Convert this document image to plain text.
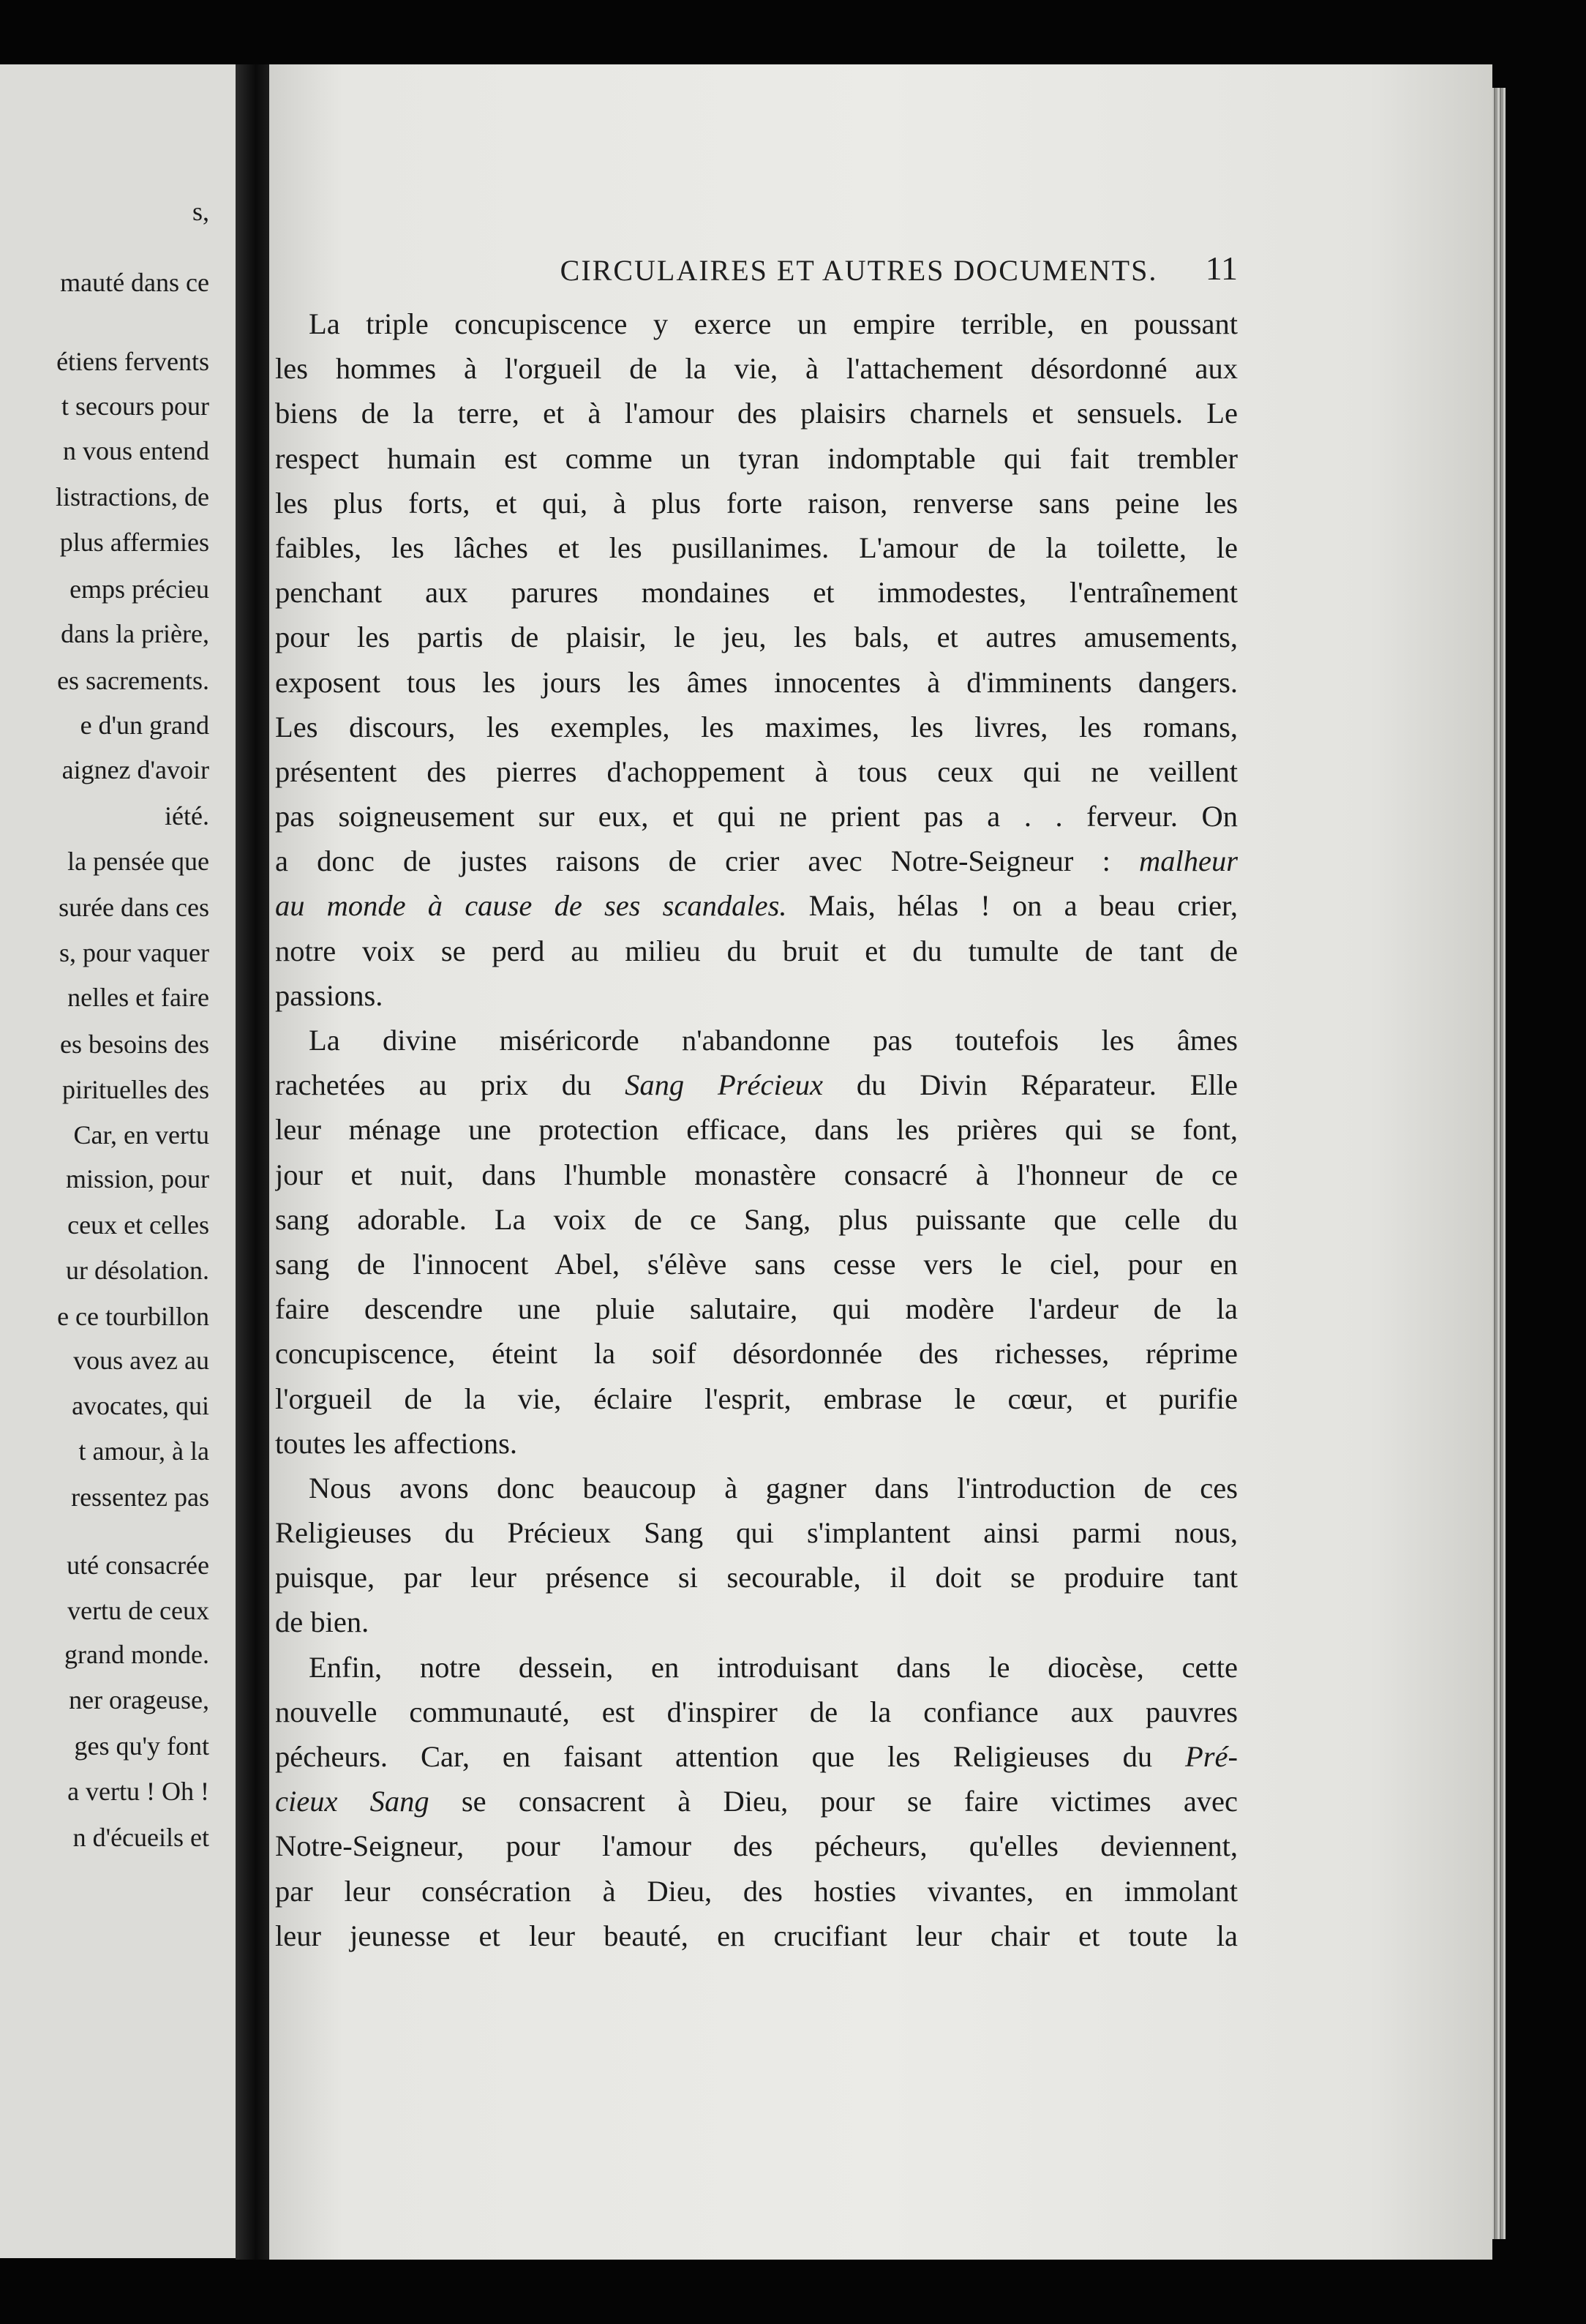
s,
mauté dans ce
étiens fervents
t secours pour
n vous entend
listractions, de
plus affermies
emps précieu
dans la prière,
es sacrements.
e d'un grand
aignez d'avoir
iété.
la pensée que
surée dans ces
s, pour vaquer
nelles et faire
es besoins des
pirituelles des
Car, en vertu
mission, pour
ceux et celles
ur désolation.
e ce tourbillon
vous avez au
avocates, qui
t amour, à la
ressentez pas
uté consacrée
vertu de ceux
grand monde.
ner orageuse,
ges qu'y font
a vertu ! Oh !
n d'écueils et
CIRCULAIRES ET AUTRES DOCUMENTS.	11
La triple concupiscence y exerce un empire terrible, en poussant
les hommes à l'orgueil de la vie, à l'attachement désordonné aux
biens de la terre, et à l'amour des plaisirs charnels et sensuels. Le
respect humain est comme un tyran indomptable qui fait trembler
les plus forts, et qui, à plus forte raison, renverse sans peine les
faibles, les lâches et les pusillanimes. L'amour de la toilette, le
penchant aux parures mondaines et immodestes, l'entraînement
pour les partis de plaisir, le jeu, les bals, et autres amusements,
exposent tous les jours les âmes innocentes à d'imminents dangers.
Les discours, les exemples, les maximes, les livres, les romans,
présentent des pierres d'achoppement à tous ceux qui ne veillent
pas soigneusement sur eux, et qui ne prient pas a . . ferveur. On
a donc de justes raisons de crier avec Notre-Seigneur : malheur
au monde à cause de ses scandales. Mais, hélas ! on a beau crier,
notre voix se perd au milieu du bruit et du tumulte de tant de
passions.
La divine miséricorde n'abandonne pas toutefois les âmes
rachetées au prix du Sang Précieux du Divin Réparateur. Elle
leur ménage une protection efficace, dans les prières qui se font,
jour et nuit, dans l'humble monastère consacré à l'honneur de ce
sang adorable. La voix de ce Sang, plus puissante que celle du
sang de l'innocent Abel, s'élève sans cesse vers le ciel, pour en
faire descendre une pluie salutaire, qui modère l'ardeur de la
concupiscence, éteint la soif désordonnée des richesses, réprime
l'orgueil de la vie, éclaire l'esprit, embrase le cœur, et purifie
toutes les affections.
Nous avons donc beaucoup à gagner dans l'introduction de ces
Religieuses du Précieux Sang qui s'implantent ainsi parmi nous,
puisque, par leur présence si secourable, il doit se produire tant
de bien.
Enfin, notre dessein, en introduisant dans le diocèse, cette
nouvelle communauté, est d'inspirer de la confiance aux pauvres
pécheurs. Car, en faisant attention que les Religieuses du Pré-
cieux Sang se consacrent à Dieu, pour se faire victimes avec
Notre-Seigneur, pour l'amour des pécheurs, qu'elles deviennent,
par leur consécration à Dieu, des hosties vivantes, en immolant
leur jeunesse et leur beauté, en crucifiant leur chair et toute la
